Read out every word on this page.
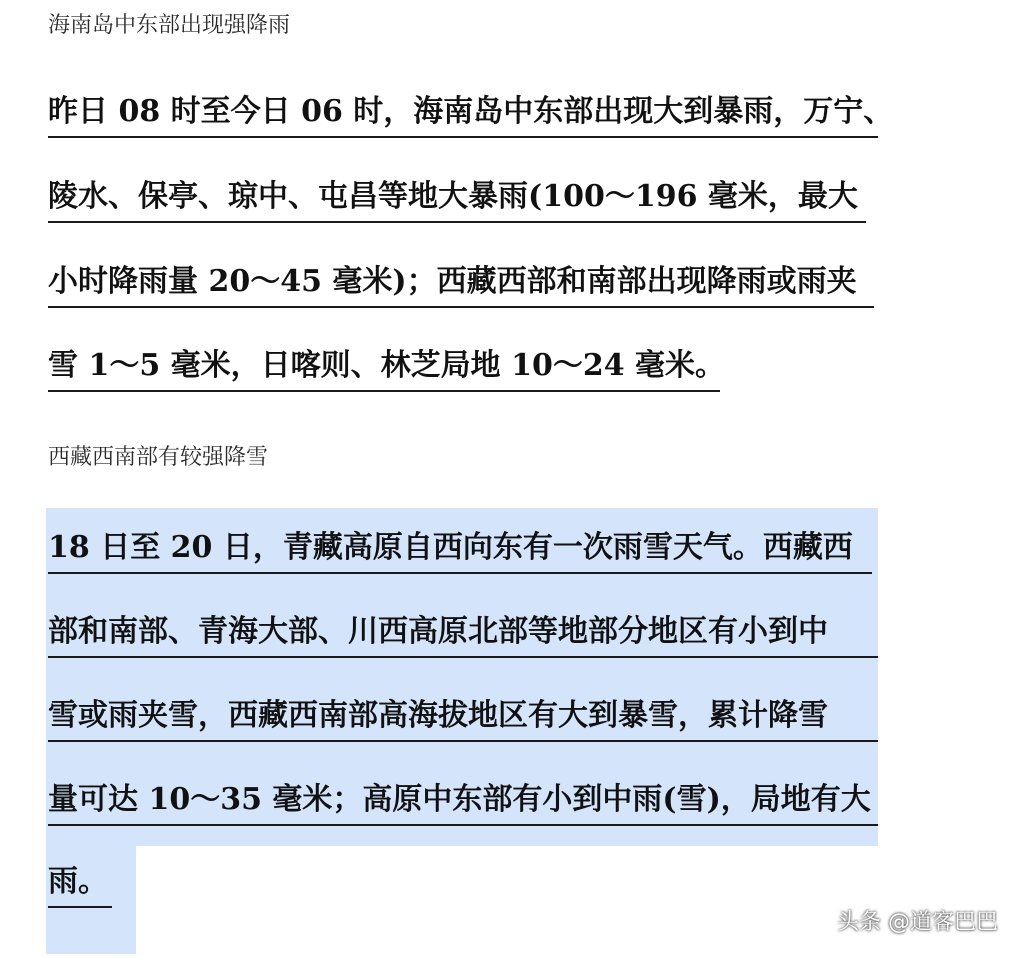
海南岛中东部出现强降雨
昨日 08 时至今日 06 时，海南岛中东部出现大到暴雨，万宁、
陵水、保亭、琼中、屯昌等地大暴雨(100～196 毫米，最大
小时降雨量 20～45 毫米)；西藏西部和南部出现降雨或雨夹
雪 1～5 毫米，日喀则、林芝局地 10～24 毫米。
西藏西南部有较强降雪
18 日至 20 日，青藏高原自西向东有一次雨雪天气。西藏西
部和南部、青海大部、川西高原北部等地部分地区有小到中
雪或雨夹雪，西藏西南部高海拔地区有大到暴雪，累计降雪
量可达 10～35 毫米；高原中东部有小到中雨(雪)，局地有大
雨。
头条 @道客巴巴
